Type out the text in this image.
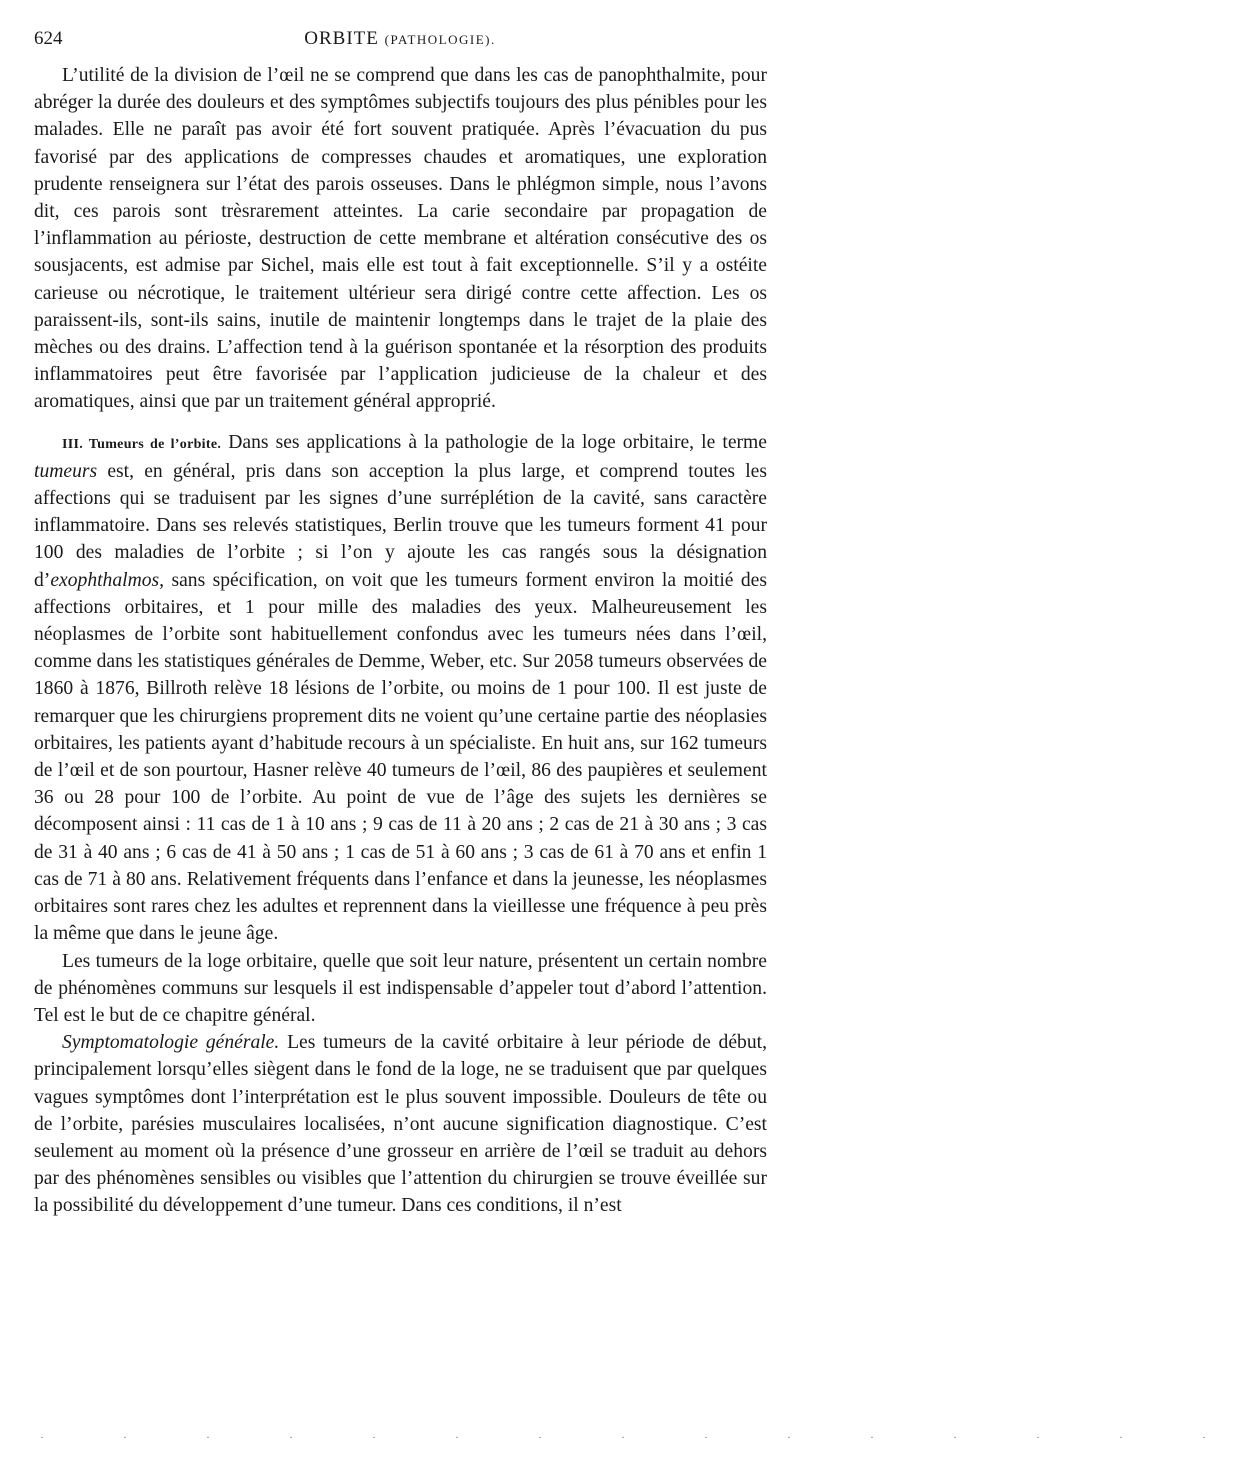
624	ORBITE (PATHOLOGIE).

L’utilité de la division de l’œil ne se comprend que dans les cas de panophthalmite, pour abréger la durée des douleurs et des symptômes subjectifs toujours des plus pénibles pour les malades. Elle ne paraît pas avoir été fort souvent pratiquée. Après l’évacuation du pus favorisé par des applications de compresses chaudes et aromatiques, une exploration prudente renseignera sur l’état des parois osseuses. Dans le phlégmon simple, nous l’avons dit, ces parois sont trèsrarement atteintes. La carie secondaire par propagation de l’inflammation au périoste, destruction de cette membrane et altération consécutive des os sousjacents, est admise par Sichel, mais elle est tout à fait exceptionnelle. S’il y a ostéite carieuse ou nécrotique, le traitement ultérieur sera dirigé contre cette affection. Les os paraissent-ils, sont-ils sains, inutile de maintenir longtemps dans le trajet de la plaie des mèches ou des drains. L’affection tend à la guérison spontanée et la résorption des produits inflammatoires peut être favorisée par l’application judicieuse de la chaleur et des aromatiques, ainsi que par un traitement général approprié.

III. Tumeurs de l’orbite. Dans ses applications à la pathologie de la loge orbitaire, le terme tumeurs est, en général, pris dans son acception la plus large, et comprend toutes les affections qui se traduisent par les signes d’une surréplétion de la cavité, sans caractère inflammatoire. Dans ses relevés statistiques, Berlin trouve que les tumeurs forment 41 pour 100 des maladies de l’orbite ; si l’on y ajoute les cas rangés sous la désignation d’exophthalmos, sans spécification, on voit que les tumeurs forment environ la moitié des affections orbitaires, et 1 pour mille des maladies des yeux. Malheureusement les néoplasmes de l’orbite sont habituellement confondus avec les tumeurs nées dans l’œil, comme dans les statistiques générales de Demme, Weber, etc. Sur 2058 tumeurs observées de 1860 à 1876, Billroth relève 18 lésions de l’orbite, ou moins de 1 pour 100. Il est juste de remarquer que les chirurgiens proprement dits ne voient qu’une certaine partie des néoplasies orbitaires, les patients ayant d’habitude recours à un spécialiste. En huit ans, sur 162 tumeurs de l’œil et de son pourtour, Hasner relève 40 tumeurs de l’œil, 86 des paupières et seulement 36 ou 28 pour 100 de l’orbite. Au point de vue de l’âge des sujets les dernières se décomposent ainsi : 11 cas de 1 à 10 ans ; 9 cas de 11 à 20 ans ; 2 cas de 21 à 30 ans ; 3 cas de 31 à 40 ans ; 6 cas de 41 à 50 ans ; 1 cas de 51 à 60 ans ; 3 cas de 61 à 70 ans et enfin 1 cas de 71 à 80 ans. Relativement fréquents dans l’enfance et dans la jeunesse, les néoplasmes orbitaires sont rares chez les adultes et reprennent dans la vieillesse une fréquence à peu près la même que dans le jeune âge.

Les tumeurs de la loge orbitaire, quelle que soit leur nature, présentent un certain nombre de phénomènes communs sur lesquels il est indispensable d’appeler tout d’abord l’attention. Tel est le but de ce chapitre général.

Symptomatologie générale. Les tumeurs de la cavité orbitaire à leur période de début, principalement lorsqu’elles siègent dans le fond de la loge, ne se traduisent que par quelques vagues symptômes dont l’interprétation est le plus souvent impossible. Douleurs de tête ou de l’orbite, parésies musculaires localisées, n’ont aucune signification diagnostique. C’est seulement au moment où la présence d’une grosseur en arrière de l’œil se traduit au dehors par des phénomènes sensibles ou visibles que l’attention du chirurgien se trouve éveillée sur la possibilité du développement d’une tumeur. Dans ces conditions, il n’est

· · · · · · · · · · · · · · ·
